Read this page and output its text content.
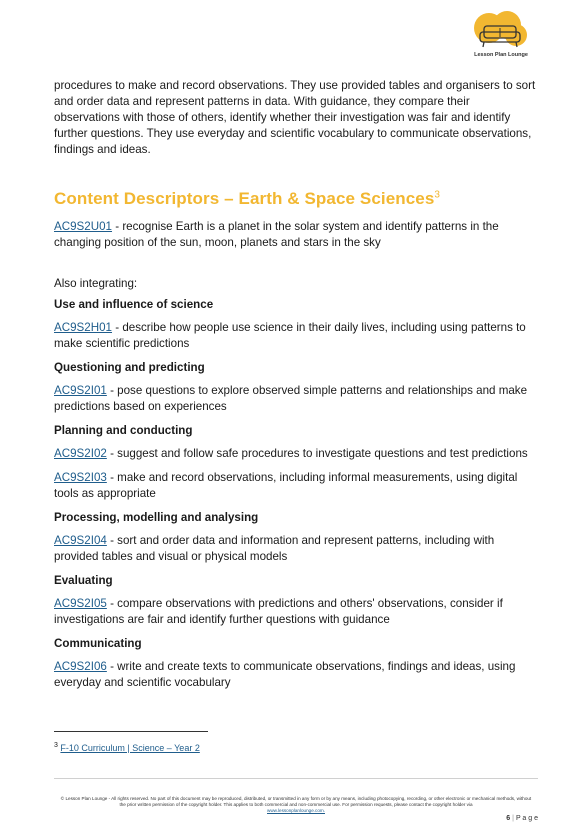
Lesson Plan Lounge

procedures to make and record observations. They use provided tables and organisers to sort and order data and represent patterns in data. With guidance, they compare their observations with those of others, identify whether their investigation was fair and identify further questions. They use everyday and scientific vocabulary to communicate observations, findings and ideas.

Content Descriptors – Earth & Space Sciences$^3$

AC9S2U01 - recognise Earth is a planet in the solar system and identify patterns in the changing position of the sun, moon, planets and stars in the sky

Also integrating:

Use and influence of science

AC9S2H01 - describe how people use science in their daily lives, including using patterns to make scientific predictions

Questioning and predicting

AC9S2I01 - pose questions to explore observed simple patterns and relationships and make predictions based on experiences

Planning and conducting

AC9S2I02 - suggest and follow safe procedures to investigate questions and test predictions

AC9S2I03 - make and record observations, including informal measurements, using digital tools as appropriate

Processing, modelling and analysing

AC9S2I04 - sort and order data and information and represent patterns, including with provided tables and visual or physical models

Evaluating

AC9S2I05 - compare observations with predictions and others' observations, consider if investigations are fair and identify further questions with guidance

Communicating

AC9S2I06 - write and create texts to communicate observations, findings and ideas, using everyday and scientific vocabulary

$^3$ F-10 Curriculum | Science – Year 2
© Lesson Plan Lounge - All rights reserved. No part of this document may be reproduced, distributed, or transmitted in any form or by any means, including photocopying, recording, or other electronic or mechanical methods, without the prior written permission of the copyright holder. This applies to both commercial and non-commercial use. For permission requests, please contact the copyright holder via
www.lessonplanlounge.com.
6 | P a g e
